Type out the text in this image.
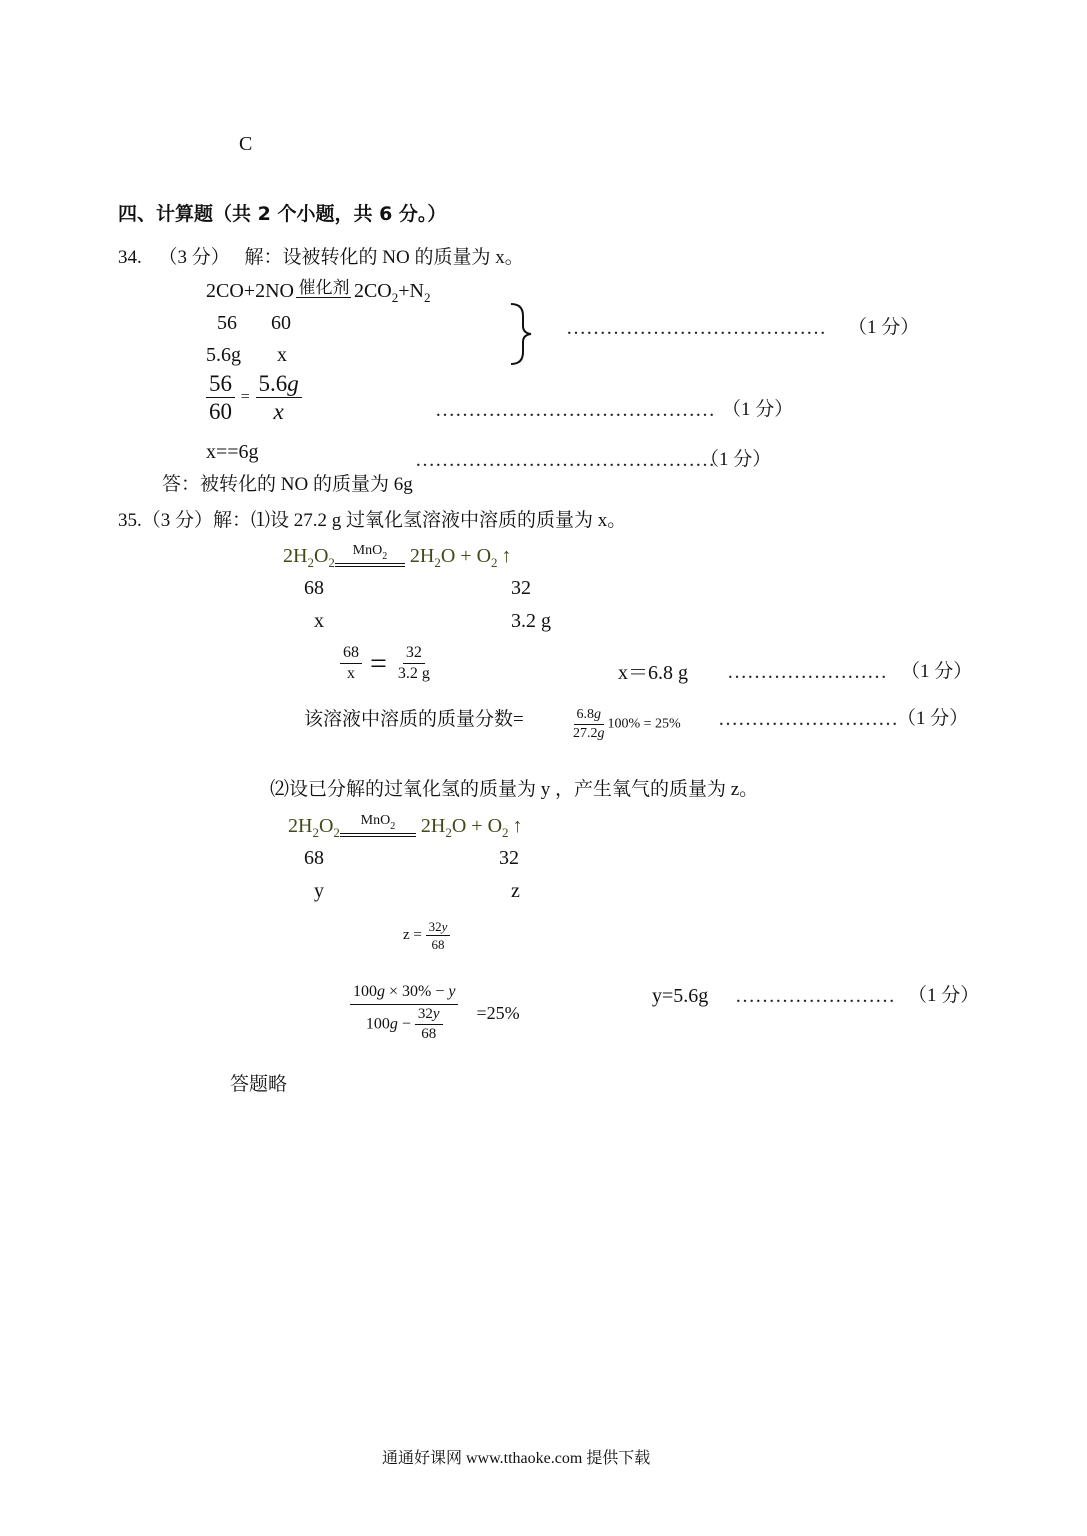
C
四、计算题（共 2 个小题，共 6 分。）
34. （3 分） 解：设被转化的 NO 的质量为 x。
2CO+2NO $^{催化剂}$ $2CO_2+N_2$
56 60
5.6g x
………………………………… （1 分）
$\frac{56}{60} = \frac{5.6g}{x}$	…………………………………… （1 分）
x==6g	………………………………………
（1 分）
答：被转化的 NO 的质量为 6g
35.（3 分）解：⑴设 27.2 g 过氧化氢溶液中溶质的质量为 x。
$2H_2O_2MnO_2$ $2H_2O + O_2$ ↑
68	32
x	3.2 g
$\frac{68}{x} = \frac{32}{3.2 g}$	x＝6.8 g …………………… （1 分）
该溶液中溶质的质量分数=	$\frac{6.8g}{27.2g} 100\% = 25\%$ ……………………… （1 分）
⑵设已分解的过氧化氢的质量为 y ，产生氧气的质量为 z。
$2H_2O_2MnO_2$ $2H_2O + O_2$ ↑
68	32
y	z
$z = \frac{32y}{68}$
$\frac{100g \times 30\% - y}{100g - \frac{32y}{68}} =25\%$
y=5.6g …………………… （1 分）
答题略
通通好课网 www.tthaoke.com 提供下载
